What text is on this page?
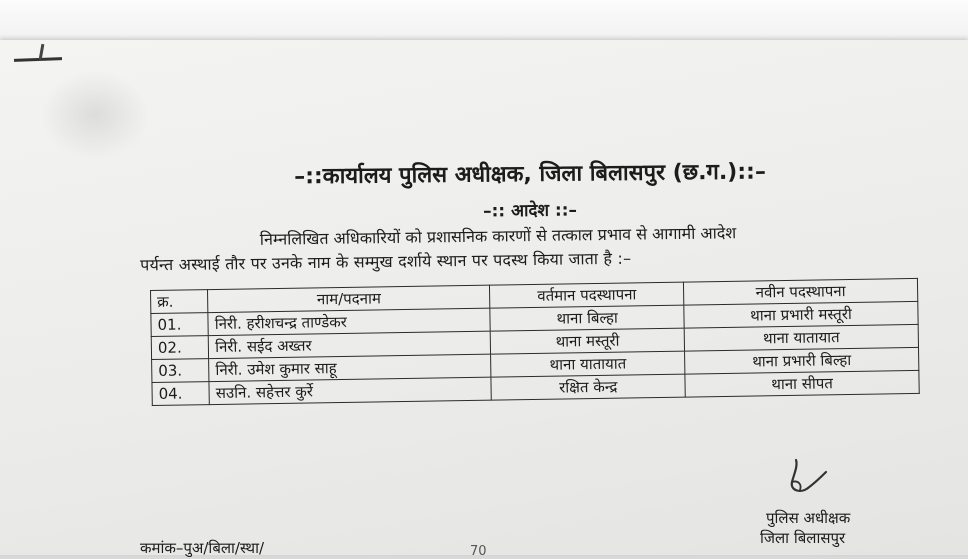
–::कार्यालय पुलिस अधीक्षक, जिला बिलासपुर (छ.ग.)::–
–:: आदेश ::–
निम्नलिखित अधिकारियों को प्रशासनिक कारणों से तत्काल प्रभाव से आगामी आदेश
पर्यन्त अस्थाई तौर पर उनके नाम के सम्मुख दर्शाये स्थान पर पदस्थ किया जाता है :–
क्र.	नाम/पदनाम	वर्तमान पदस्थापना	नवीन पदस्थापना
01.	निरी. हरीशचन्द्र ताण्डेकर	थाना बिल्हा	थाना प्रभारी मस्तूरी
02.	निरी. सईद अख्तर	थाना मस्तूरी	थाना यातायात
03.	निरी. उमेश कुमार साहू	थाना यातायात	थाना प्रभारी बिल्हा
04.	सउनि. सहेत्तर कुर्रे	रक्षित केन्द्र	थाना सीपत
पुलिस अधीक्षक
जिला बिलासपुर
कमांक–पुअ/बिला/स्था/	70
